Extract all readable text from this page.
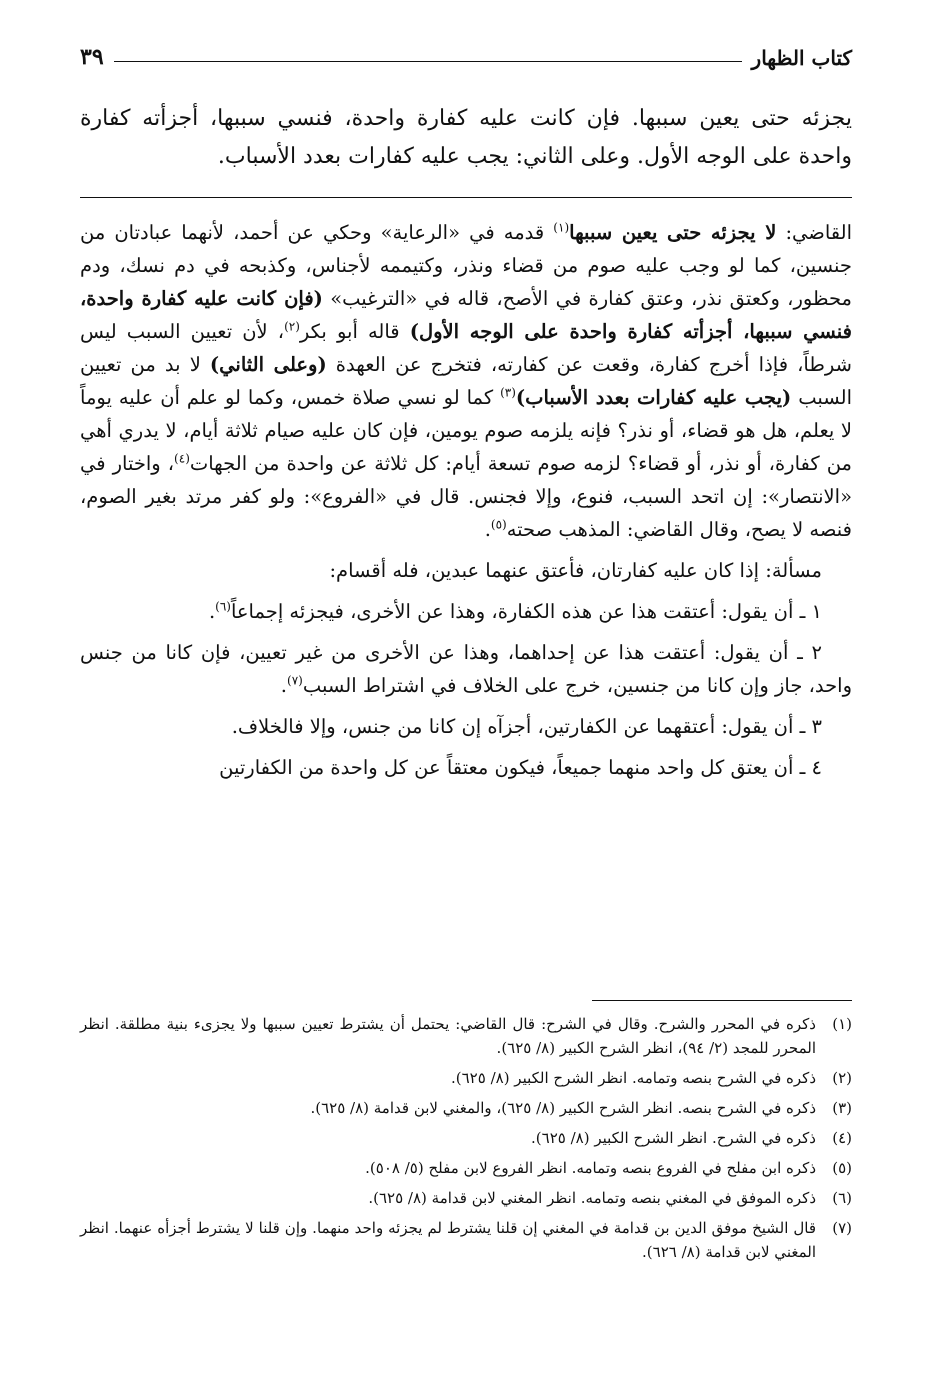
كتاب الظهار
٣٩
يجزئه حتى يعين سببها. فإن كانت عليه كفارة واحدة، فنسي سببها، أجزأته كفارة واحدة على الوجه الأول. وعلى الثاني: يجب عليه كفارات بعدد الأسباب.

القاضي: لا يجزئه حتى يعين سببها$^{(١)}$ قدمه في «الرعاية» وحكي عن أحمد، لأنهما عبادتان من جنسين، كما لو وجب عليه صوم من قضاء ونذر، وكتيممه لأجناس، وكذبحه في دم نسك، ودم محظور، وكعتق نذر، وعتق كفارة في الأصح، قاله في «الترغيب» (فإن كانت عليه كفارة واحدة، فنسي سببها، أجزأته كفارة واحدة على الوجه الأول) قاله أبو بكر$^{(٢)}$، لأن تعيين السبب ليس شرطاً، فإذا أخرج كفارة، وقعت عن كفارته، فتخرج عن العهدة (وعلى الثاني) لا بد من تعيين السبب (يجب عليه كفارات بعدد الأسباب)$^{(٣)}$ كما لو نسي صلاة خمس، وكما لو علم أن عليه يوماً لا يعلم، هل هو قضاء، أو نذر؟ فإنه يلزمه صوم يومين، فإن كان عليه صيام ثلاثة أيام، لا يدري أهي من كفارة، أو نذر، أو قضاء؟ لزمه صوم تسعة أيام: كل ثلاثة عن واحدة من الجهات$^{(٤)}$، واختار في «الانتصار»: إن اتحد السبب، فنوع، وإلا فجنس. قال في «الفروع»: ولو كفر مرتد بغير الصوم، فنصه لا يصح، وقال القاضي: المذهب صحته$^{(٥)}$.

مسألة: إذا كان عليه كفارتان، فأعتق عنهما عبدين، فله أقسام:

١ ـ أن يقول: أعتقت هذا عن هذه الكفارة، وهذا عن الأخرى، فيجزئه إجماعاً$^{(٦)}$.

٢ ـ أن يقول: أعتقت هذا عن إحداهما، وهذا عن الأخرى من غير تعيين، فإن كانا من جنس واحد، جاز وإن كانا من جنسين، خرج على الخلاف في اشتراط السبب$^{(٧)}$.

٣ ـ أن يقول: أعتقهما عن الكفارتين، أجزآه إن كانا من جنس، وإلا فالخلاف.

٤ ـ أن يعتق كل واحد منهما جميعاً، فيكون معتقاً عن كل واحدة من الكفارتين

(١)
ذكره في المحرر والشرح. وقال في الشرح: قال القاضي: يحتمل أن يشترط تعيين سببها ولا يجزىء بنية مطلقة. انظر المحرر للمجد (٢/ ٩٤)، انظر الشرح الكبير (٨/ ٦٢٥).
(٢)
ذكره في الشرح بنصه وتمامه. انظر الشرح الكبير (٨/ ٦٢٥).
(٣)
ذكره في الشرح بنصه. انظر الشرح الكبير (٨/ ٦٢٥)، والمغني لابن قدامة (٨/ ٦٢٥).
(٤)
ذكره في الشرح. انظر الشرح الكبير (٨/ ٦٢٥).
(٥)
ذكره ابن مفلح في الفروع بنصه وتمامه. انظر الفروع لابن مفلح (٥/ ٥٠٨).
(٦)
ذكره الموفق في المغني بنصه وتمامه. انظر المغني لابن قدامة (٨/ ٦٢٥).
(٧)
قال الشيخ موفق الدين بن قدامة في المغني إن قلنا يشترط لم يجزئه واحد منهما. وإن قلنا لا يشترط أجزأه عنهما. انظر المغني لابن قدامة (٨/ ٦٢٦).
